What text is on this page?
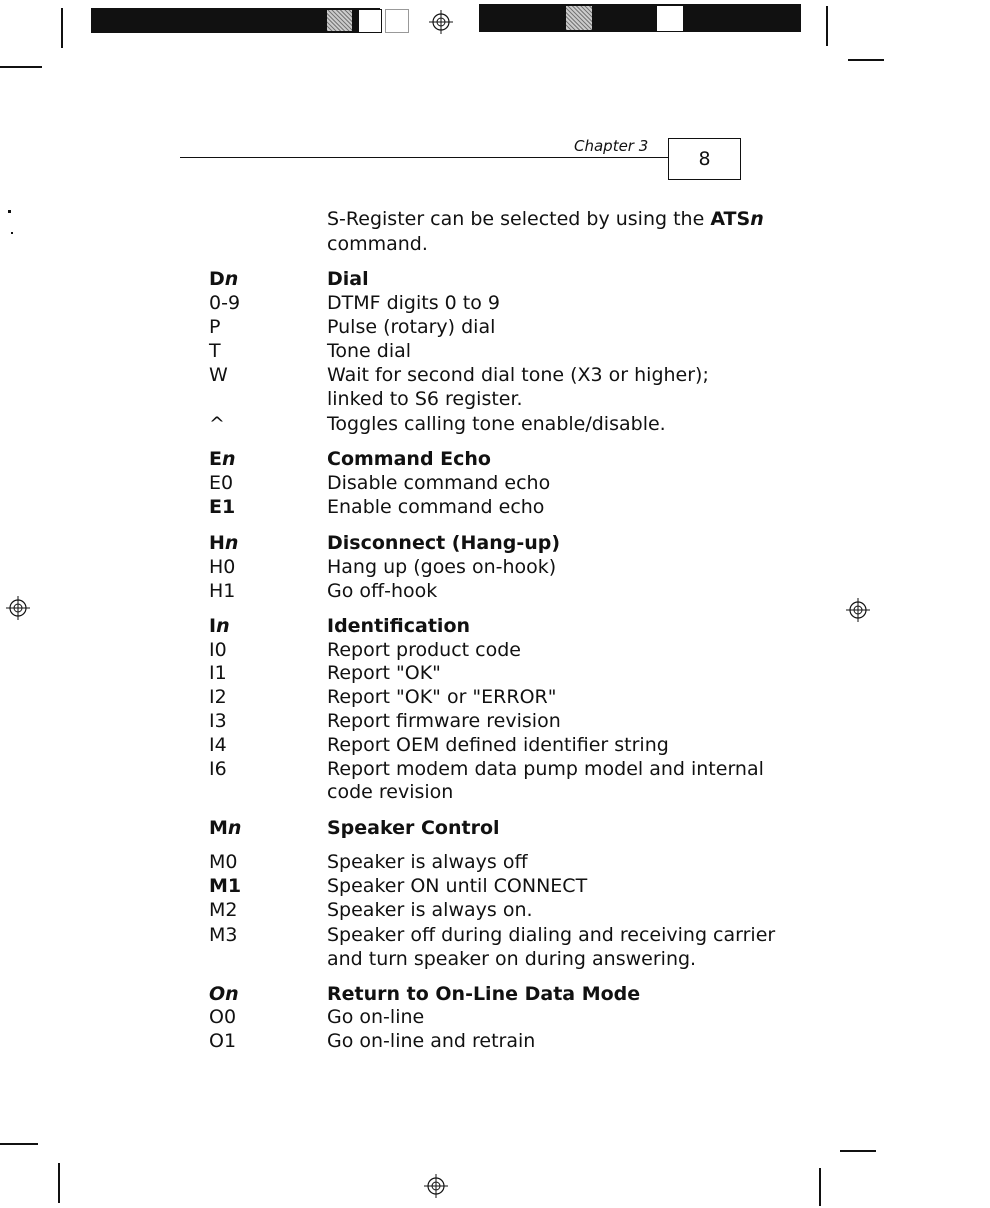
Chapter 3
8
S-Register can be selected by using the ATSn
command.
Dn	Dial
0-9	DTMF digits 0 to 9
P	Pulse (rotary) dial
T	Tone dial
W	Wait for second dial tone (X3 or higher);
linked to S6 register.
^	Toggles calling tone enable/disable.
En	Command Echo
E0	Disable command echo
E1	Enable command echo
Hn	Disconnect (Hang-up)
H0	Hang up (goes on-hook)
H1	Go off-hook
In	Identification
I0	Report product code
I1	Report "OK"
I2	Report "OK" or "ERROR"
I3	Report firmware revision
I4	Report OEM defined identifier string
I6	Report modem data pump model and internal
code revision
Mn	Speaker Control
M0	Speaker is always off
M1	Speaker ON until CONNECT
M2	Speaker is always on.
M3	Speaker off during dialing and receiving carrier
and turn speaker on during answering.
On	Return to On-Line Data Mode
O0	Go on-line
O1	Go on-line and retrain
